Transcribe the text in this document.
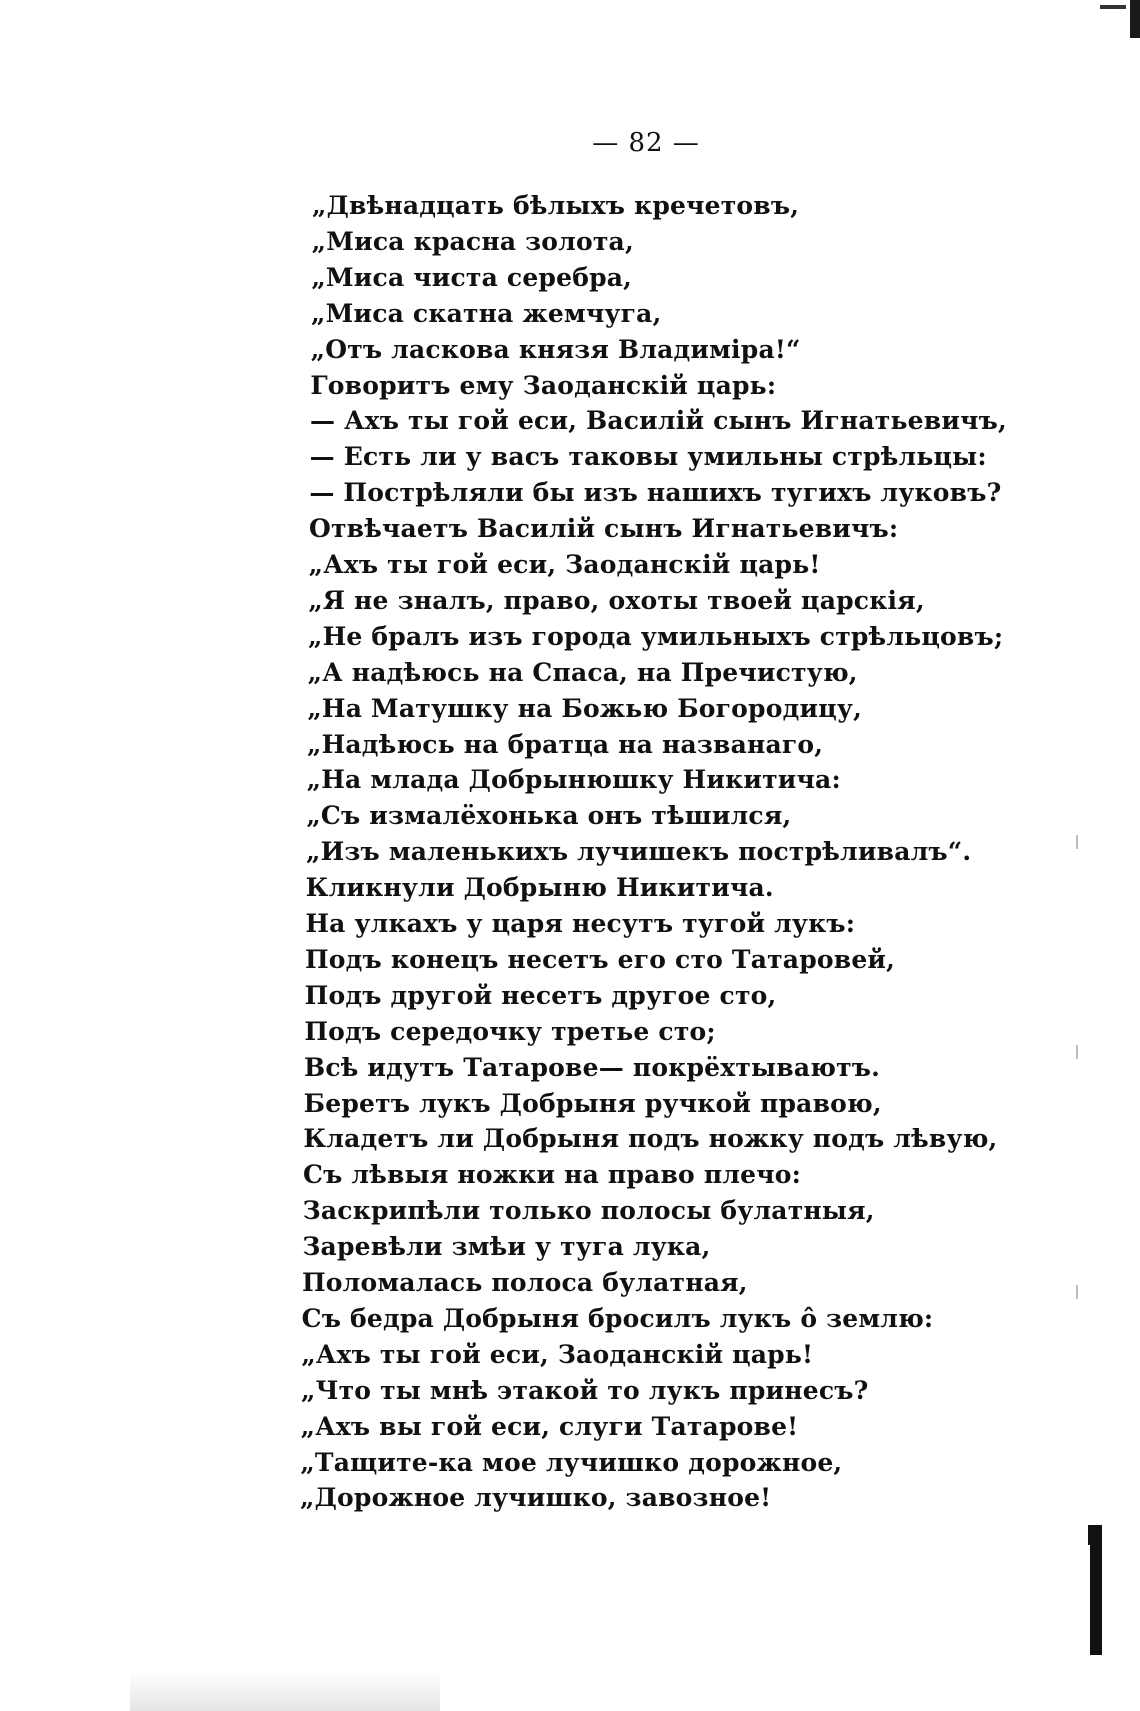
— 82 —
„Двѣнадцать бѣлыхъ кречетовъ,
„Миса красна золота,
„Миса чиста серебра,
„Миса скатна жемчуга,
„Отъ ласкова князя Владиміра!“
Говоритъ ему Заоданскій царь:
— Ахъ ты гой еси, Василій сынъ Игнатьевичъ,
— Есть ли у васъ таковы умильны стрѣльцы:
— Пострѣляли бы изъ нашихъ тугихъ луковъ?
Отвѣчаетъ Василій сынъ Игнатьевичъ:
„Ахъ ты гой еси, Заоданскій царь!
„Я не зналъ, право, охоты твоей царскія,
„Не бралъ изъ города умильныхъ стрѣльцовъ;
„А надѣюсь на Спаса, на Пречистую,
„На Матушку на Божью Богородицу,
„Надѣюсь на братца на названаго,
„На млада Добрынюшку Никитича:
„Съ измалёхонька онъ тѣшился,
„Изъ маленькихъ лучишекъ пострѣливалъ“.
Кликнули Добрыню Никитича.
На улкахъ у царя несутъ тугой лукъ:
Подъ конецъ несетъ его сто Татаровей,
Подъ другой несетъ другое сто,
Подъ середочку третье сто;
Всѣ идутъ Татарове— покрёхтываютъ.
Беретъ лукъ Добрыня ручкой правою,
Кладетъ ли Добрыня подъ ножку подъ лѣвую,
Съ лѣвыя ножки на право плечо:
Заскрипѣли только полосы булатныя,
Заревѣли змѣи у туга лука,
Поломалась полоса булатная,
Съ бедра Добрыня бросилъ лукъ ô землю:
„Ахъ ты гой еси, Заоданскій царь!
„Что ты мнѣ этакой то лукъ принесъ?
„Ахъ вы гой еси, слуги Татарове!
„Тащите-ка мое лучишко дорожное,
„Дорожное лучишко, завозное!
